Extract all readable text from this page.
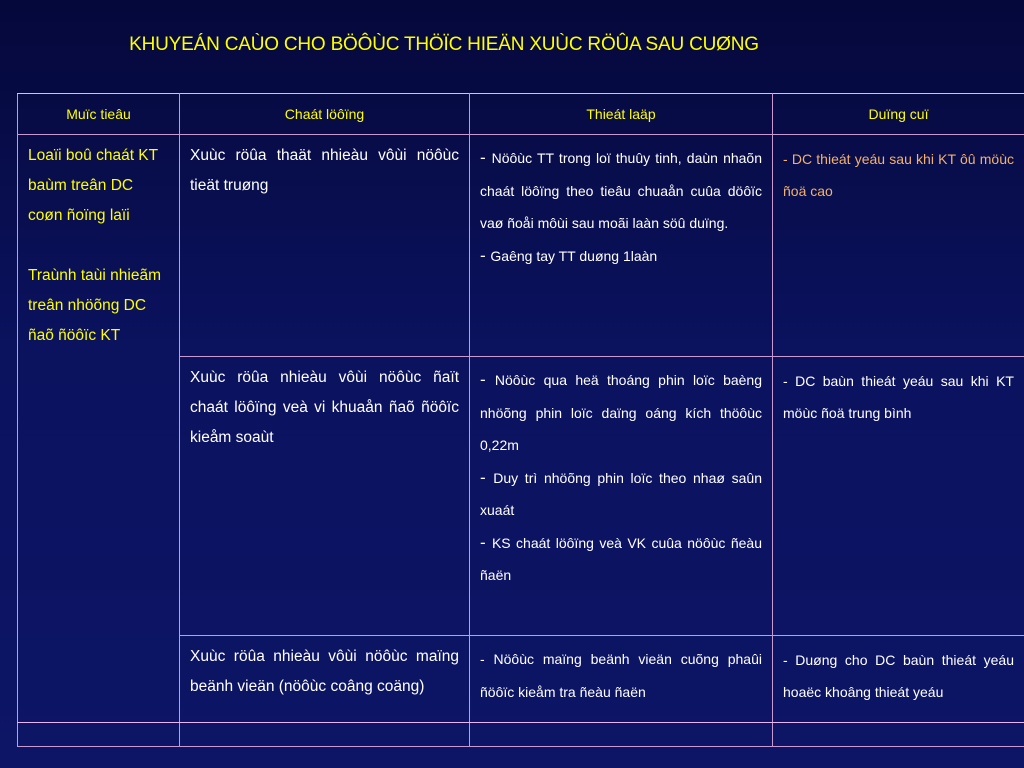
KHUYEÁN CAÙO CHO BÖÔÙC THÖÏC HIEÄN XUÙC RÖÛA SAU CUØNG
Muïc tieâu	Chaát löôïng	Thieát laäp	Duïng cuï

Loaïi boû chaát KT baùm treân DC coøn ñoïng laïi
Traùnh taùi nhieãm treân nhöõng DC ñaõ ñöôïc KT	Xuùc röûa thaät nhieàu vôùi nöôùc tieät truøng	- Nöôùc TT trong loï thuûy tinh, daùn nhaõn chaát löôïng theo tieâu chuaån cuûa döôïc vaø ñoåi môùi sau moãi laàn söû duïng.
- Gaêng tay TT duøng 1laàn	- DC thieát yeáu sau khi KT ôû möùc ñoä cao
	Xuùc röûa nhieàu vôùi nöôùc ñaït chaát löôïng veà vi khuaån ñaõ ñöôïc kieåm soaùt	- Nöôùc qua heä thoáng phin loïc baèng nhöõng phin loïc daïng oáng kích thöôùc 0,22m
- Duy trì nhöõng phin loïc theo nhaø saûn xuaát
- KS chaát löôïng veà VK cuûa nöôùc ñeàu ñaën	- DC baùn thieát yeáu sau khi KT möùc ñoä trung bình
	Xuùc röûa nhieàu vôùi nöôùc maïng beänh vieän (nöôùc coâng coäng)	- Nöôùc maïng beänh vieän cuõng phaûi ñöôïc kieåm tra ñeàu ñaën	- Duøng cho DC baùn thieát yeáu hoaëc khoâng thieát yeáu
